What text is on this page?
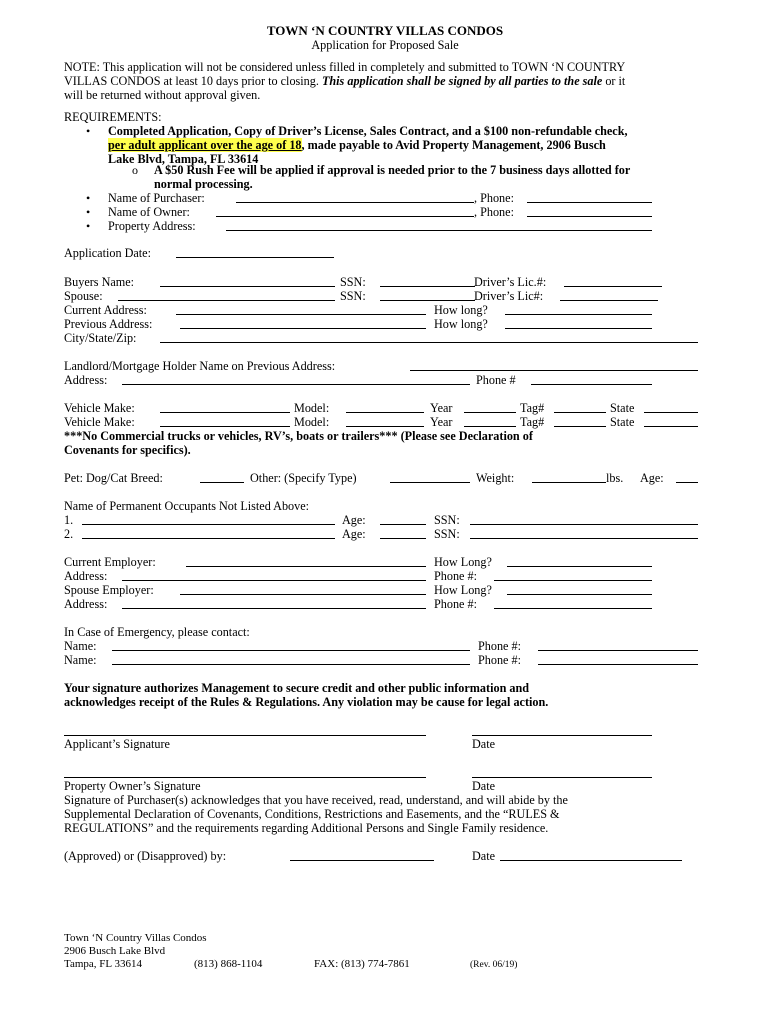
TOWN ‘N COUNTRY VILLAS CONDOS
Application for Proposed Sale
NOTE: This application will not be considered unless filled in completely and submitted to TOWN ‘N COUNTRY
VILLAS CONDOS at least 10 days prior to closing. This application shall be signed by all parties to the sale or it
will be returned without approval given.
REQUIREMENTS:
• Completed Application, Copy of Driver’s License, Sales Contract, and a $100 non-refundable check,
per adult applicant over the age of 18, made payable to Avid Property Management, 2906 Busch
Lake Blvd, Tampa, FL 33614
o A $50 Rush Fee will be applied if approval is needed prior to the 7 business days allotted for
normal processing.
• Name of Purchaser:	, Phone:
• Name of Owner:	, Phone:
• Property Address:
Application Date:
Buyers Name:	SSN:	Driver’s Lic.#:
Spouse:	SSN:	Driver’s Lic#:
Current Address:	How long?
Previous Address:	How long?
City/State/Zip:
Landlord/Mortgage Holder Name on Previous Address:
Address:	Phone #
Vehicle Make:	Model:	Year	Tag#	State
Vehicle Make:	Model:	Year	Tag#	State
***No Commercial trucks or vehicles, RV’s, boats or trailers*** (Please see Declaration of
Covenants for specifics).
Pet: Dog/Cat Breed:	Other: (Specify Type)	Weight:	lbs. Age:
Name of Permanent Occupants Not Listed Above:
1.	Age:	SSN:
2.	Age:	SSN:
Current Employer:	How Long?
Address:	Phone #:
Spouse Employer:	How Long?
Address:	Phone #:
In Case of Emergency, please contact:
Name:	Phone #:
Name:	Phone #:
Your signature authorizes Management to secure credit and other public information and
acknowledges receipt of the Rules & Regulations. Any violation may be cause for legal action.
Applicant’s Signature	Date
Property Owner’s Signature	Date
Signature of Purchaser(s) acknowledges that you have received, read, understand, and will abide by the
Supplemental Declaration of Covenants, Conditions, Restrictions and Easements, and the “RULES &
REGULATIONS” and the requirements regarding Additional Persons and Single Family residence.
(Approved) or (Disapproved) by:	Date
Town ‘N Country Villas Condos
2906 Busch Lake Blvd
Tampa, FL 33614	(813) 868-1104	FAX: (813) 774-7861	(Rev. 06/19)
